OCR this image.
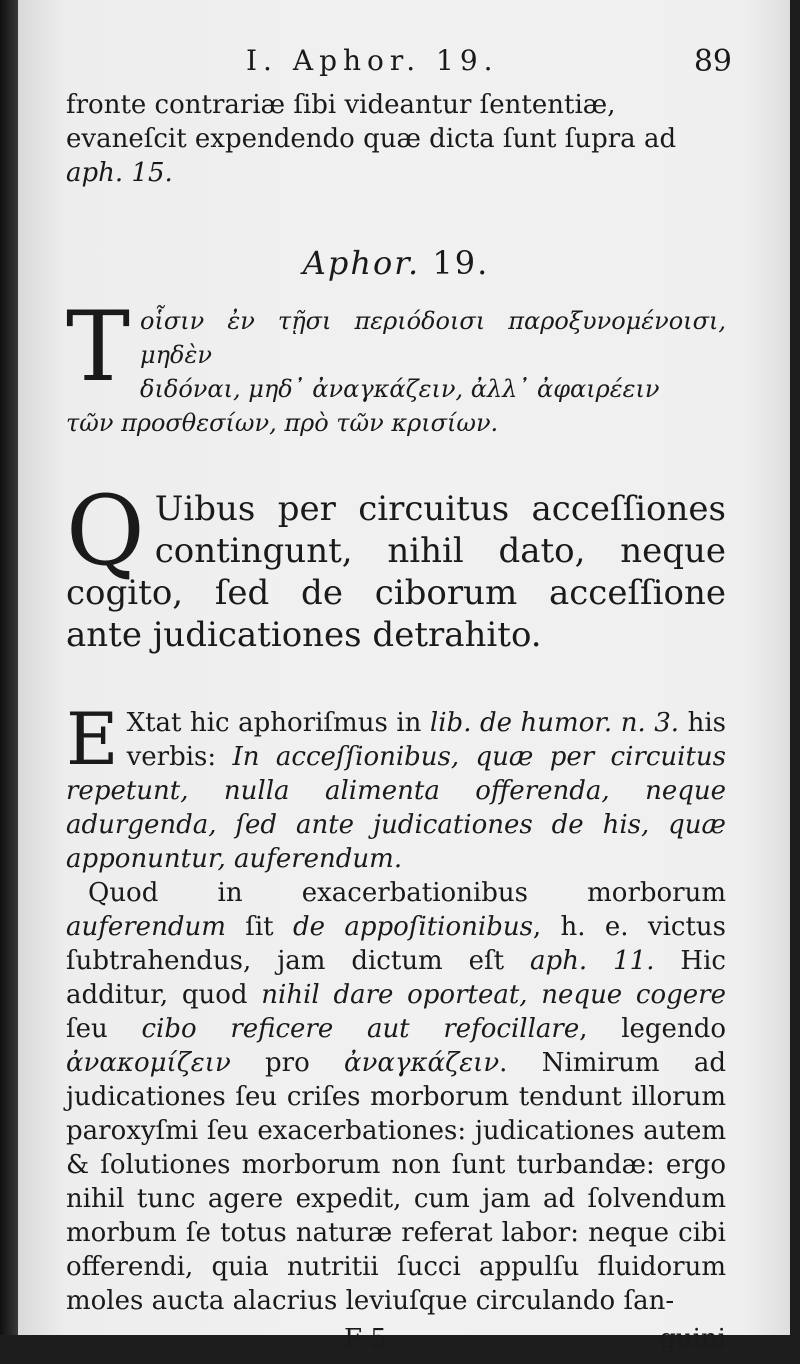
I. Aphor. 19.	89

fronte contrariæ ſibi videantur ſententiæ,

evaneſcit expendendo quæ dicta ſunt ſupra ad

aph. 15.

Aphor. 19.
T οἷσιν ἐν τῇσι περιόδοισι παροξυνομένοισι, μηδὲν
διδόναι, μηδ᾽ ἀναγκάζειν, ἀλλ᾽ ἀφαιρέειν
τῶν προσθεσίων, πρὸ τῶν κρισίων.
Q Uibus per circuitus acceſſiones contingunt, nihil dato, neque cogito, ſed de ciborum acceſſione ante judicationes detrahito.

E Xtat hic aphoriſmus in lib. de humor. n. 3. his verbis: In acceſſionibus, quæ per circuitus repetunt, nulla alimenta offerenda, neque adurgenda, ſed ante judicationes de his, quæ apponuntur, auferendum.

Quod in exacerbationibus morborum auferendum ſit de appoſitionibus, h. e. victus ſubtrahendus, jam dictum eſt aph. 11. Hic additur, quod nihil dare oporteat, neque cogere ſeu cibo reficere aut refocillare, legendo ἀνακομίζειν pro ἀναγκάζειν. Nimirum ad judicationes ſeu criſes morborum tendunt illorum paroxyſmi ſeu exacerbationes: judicationes autem & ſolutiones morborum non ſunt turbandæ: ergo nihil tunc agere expedit, cum jam ad ſolvendum morbum ſe totus naturæ referat labor: neque cibi offerendi, quia nutritii ſucci appulſu fluidorum moles aucta alacrius leviuſque circulando ſan-

F 5	guini
